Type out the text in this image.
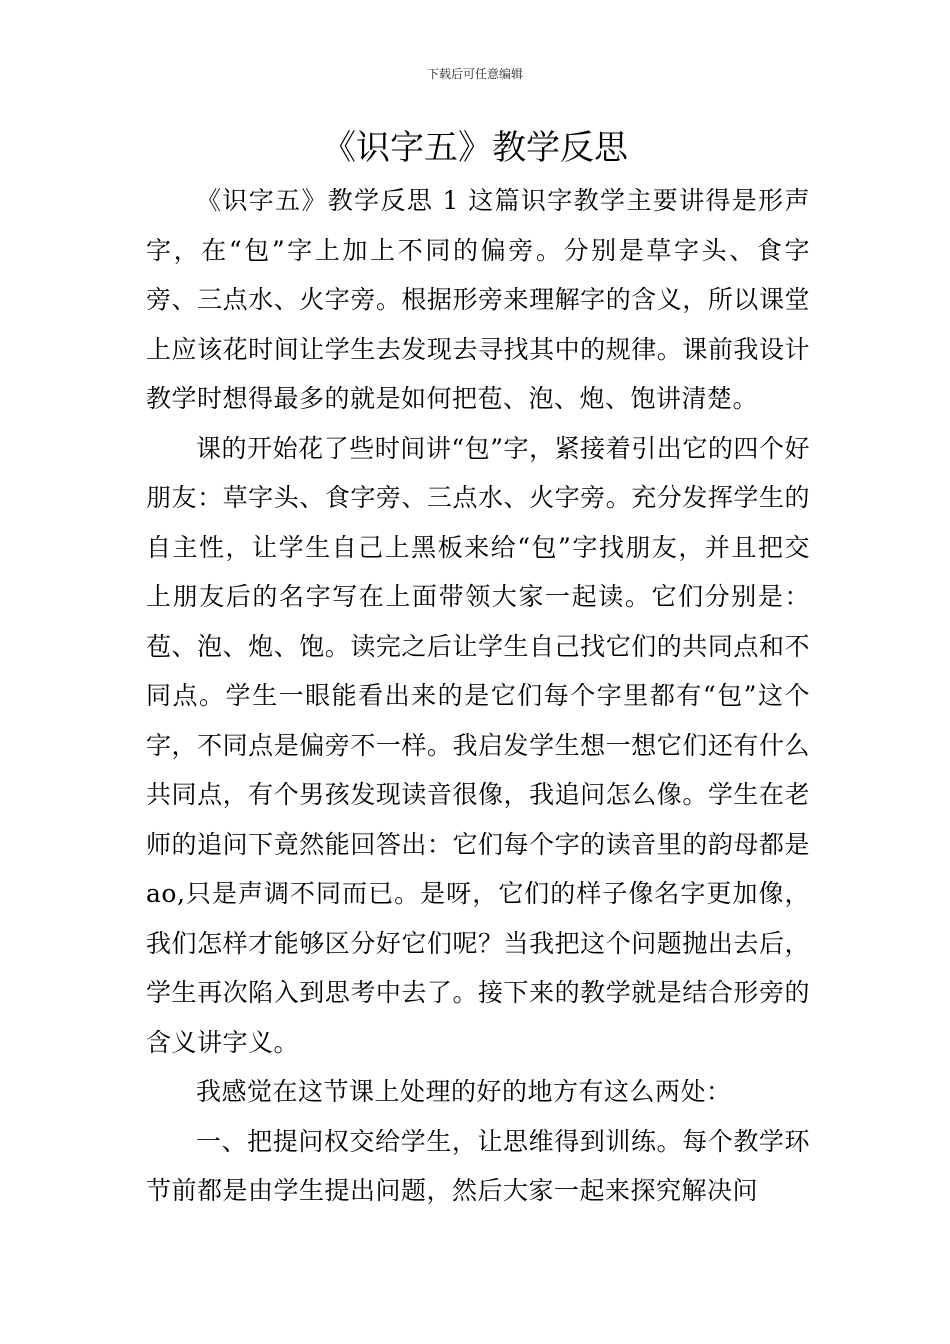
下载后可任意编辑
《识字五》教学反思

《识字五》教学反思 1 这篇识字教学主要讲得是形声字，在“包”字上加上不同的偏旁。分别是草字头、食字旁、三点水、火字旁。根据形旁来理解字的含义，所以课堂上应该花时间让学生去发现去寻找其中的规律。课前我设计教学时想得最多的就是如何把苞、泡、炮、饱讲清楚。

课的开始花了些时间讲“包”字，紧接着引出它的四个好朋友：草字头、食字旁、三点水、火字旁。充分发挥学生的自主性，让学生自己上黑板来给“包”字找朋友，并且把交上朋友后的名字写在上面带领大家一起读。它们分别是：苞、泡、炮、饱。读完之后让学生自己找它们的共同点和不同点。学生一眼能看出来的是它们每个字里都有“包”这个字，不同点是偏旁不一样。我启发学生想一想它们还有什么共同点，有个男孩发现读音很像，我追问怎么像。学生在老师的追问下竟然能回答出：它们每个字的读音里的韵母都是 ao,只是声调不同而已。是呀，它们的样子像名字更加像，我们怎样才能够区分好它们呢？当我把这个问题抛出去后，学生再次陷入到思考中去了。接下来的教学就是结合形旁的含义讲字义。

我感觉在这节课上处理的好的地方有这么两处：

一、把提问权交给学生，让思维得到训练。每个教学环节前都是由学生提出问题，然后大家一起来探究解决问
